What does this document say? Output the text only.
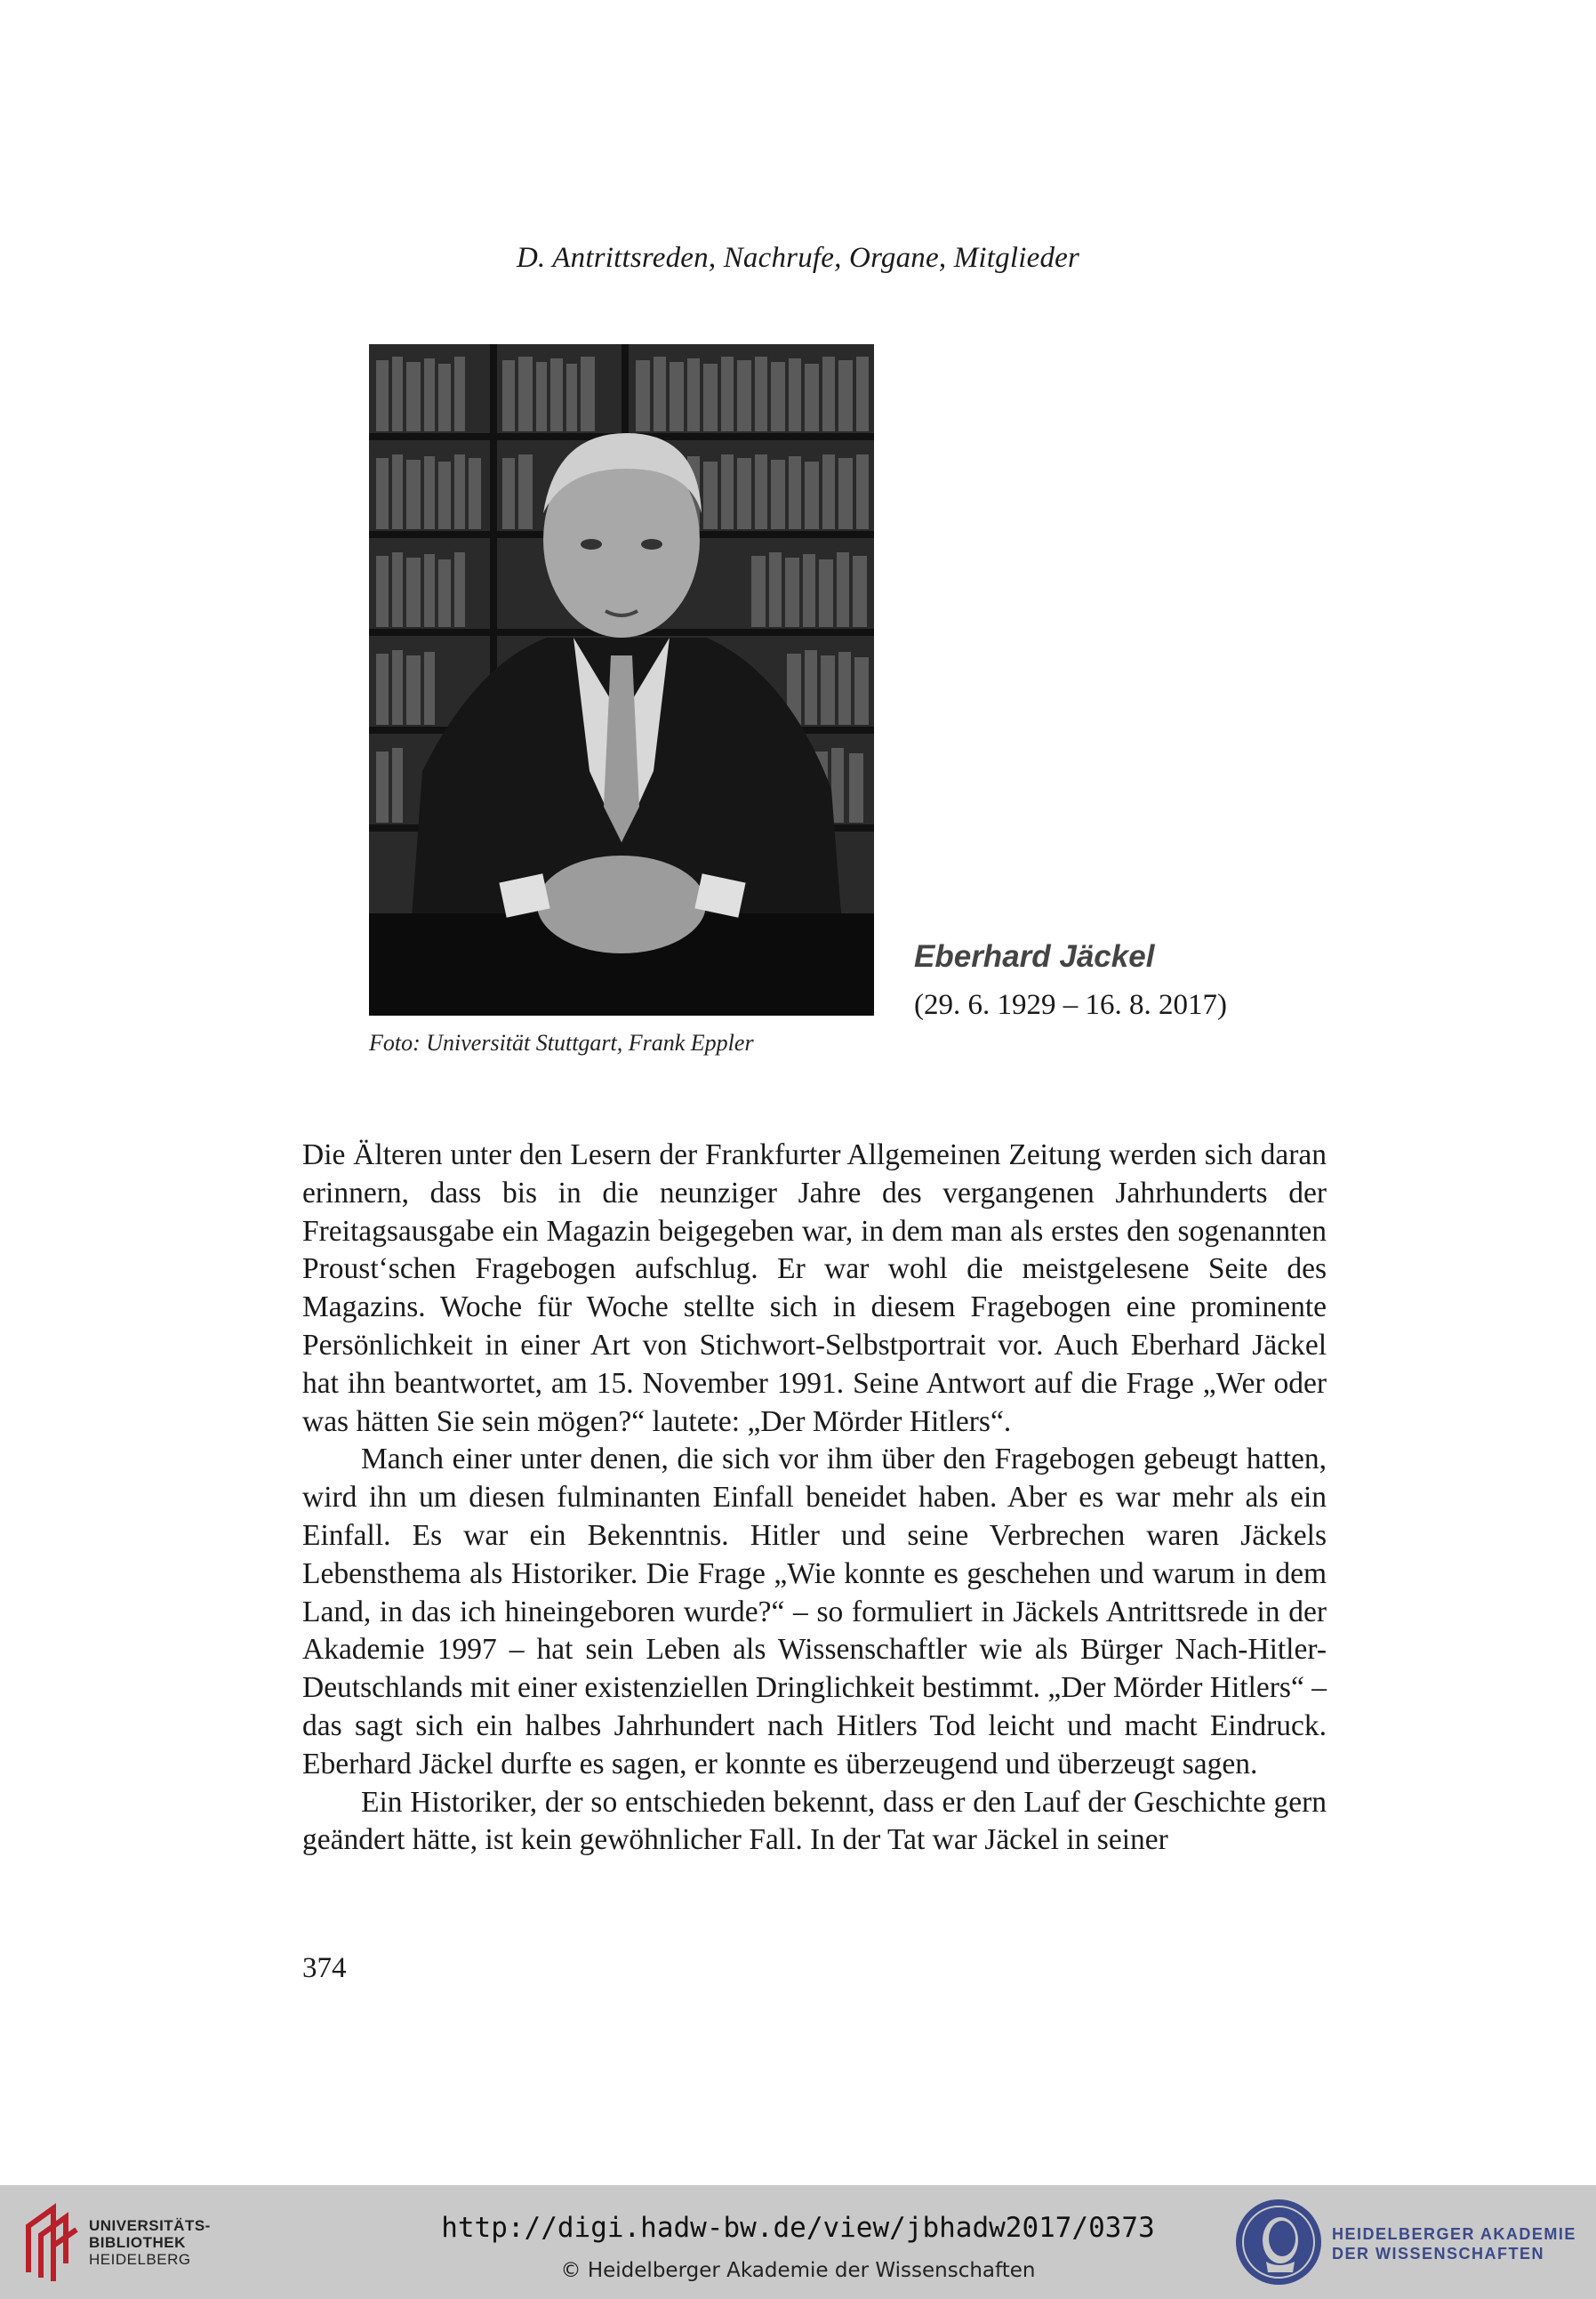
D. Antrittsreden, Nachrufe, Organe, Mitglieder
Foto: Universität Stuttgart, Frank Eppler
Eberhard Jäckel
(29. 6. 1929 – 16. 8. 2017)

Die Älteren unter den Lesern der Frankfurter Allgemeinen Zeitung werden sich daran erinnern, dass bis in die neunziger Jahre des vergangenen Jahrhunderts der Freitagsausgabe ein Magazin beigegeben war, in dem man als erstes den sogenannten Proust‘schen Fragebogen aufschlug. Er war wohl die meistgelesene Seite des Magazins. Woche für Woche stellte sich in diesem Fragebogen eine prominente Persönlichkeit in einer Art von Stichwort-Selbstportrait vor. Auch Eberhard Jäckel hat ihn beantwortet, am 15. November 1991. Seine Antwort auf die Frage „Wer oder was hätten Sie sein mögen?“ lautete: „Der Mörder Hitlers“.

Manch einer unter denen, die sich vor ihm über den Fragebogen gebeugt hatten, wird ihn um diesen fulminanten Einfall beneidet haben. Aber es war mehr als ein Einfall. Es war ein Bekenntnis. Hitler und seine Verbrechen waren Jäckels Lebensthema als Historiker. Die Frage „Wie konnte es geschehen und warum in dem Land, in das ich hineingeboren wurde?“ – so formuliert in Jäckels Antrittsrede in der Akademie 1997 – hat sein Leben als Wissenschaftler wie als Bürger Nach-Hitler-Deutschlands mit einer existenziellen Dringlichkeit bestimmt. „Der Mörder Hitlers“ – das sagt sich ein halbes Jahrhundert nach Hitlers Tod leicht und macht Eindruck. Eberhard Jäckel durfte es sagen, er konnte es überzeugend und überzeugt sagen.

Ein Historiker, der so entschieden bekennt, dass er den Lauf der Geschichte gern geändert hätte, ist kein gewöhnlicher Fall. In der Tat war Jäckel in seiner

374
UNIVERSITÄTS-
BIBLIOTHEK
HEIDELBERG
http://digi.hadw-bw.de/view/jbhadw2017/0373
© Heidelberger Akademie der Wissenschaften
HEIDELBERGER AKADEMIE
DER WISSENSCHAFTEN
